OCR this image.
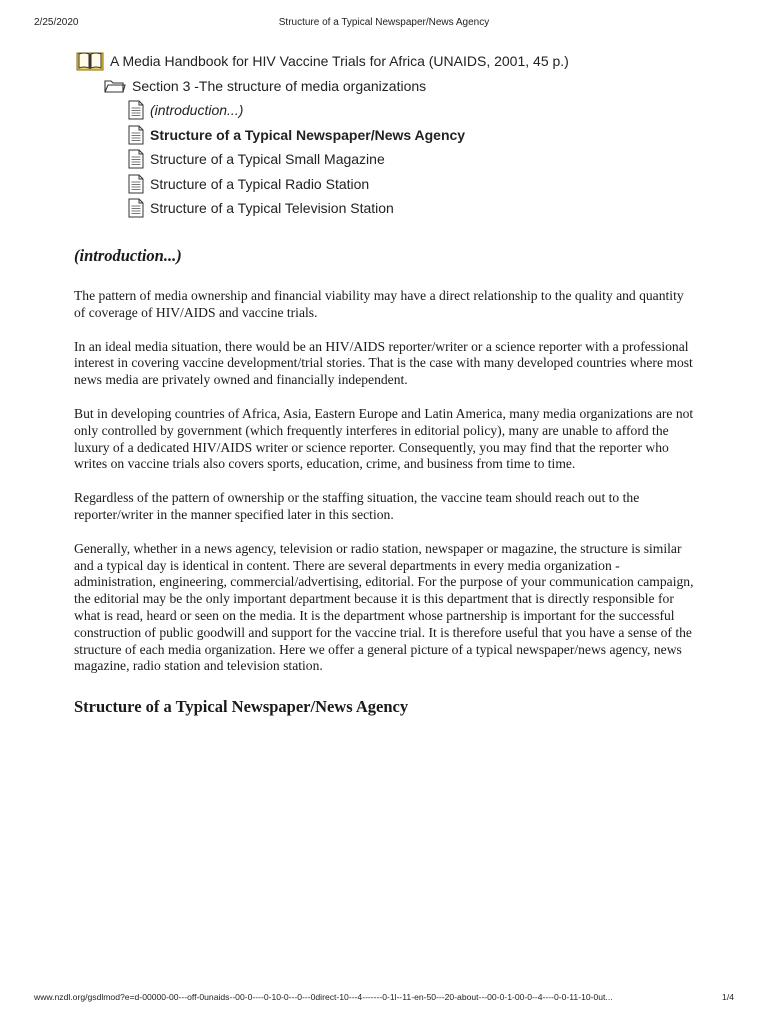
2/25/2020	Structure of a Typical Newspaper/News Agency
A Media Handbook for HIV Vaccine Trials for Africa (UNAIDS, 2001, 45 p.)
Section 3 -The structure of media organizations
(introduction...)
Structure of a Typical Newspaper/News Agency
Structure of a Typical Small Magazine
Structure of a Typical Radio Station
Structure of a Typical Television Station
(introduction...)

The pattern of media ownership and financial viability may have a direct relationship to the quality and quantity of coverage of HIV/AIDS and vaccine trials.

In an ideal media situation, there would be an HIV/AIDS reporter/writer or a science reporter with a professional interest in covering vaccine development/trial stories. That is the case with many developed countries where most news media are privately owned and financially independent.

But in developing countries of Africa, Asia, Eastern Europe and Latin America, many media organizations are not only controlled by government (which frequently interferes in editorial policy), many are unable to afford the luxury of a dedicated HIV/AIDS writer or science reporter. Consequently, you may find that the reporter who writes on vaccine trials also covers sports, education, crime, and business from time to time.

Regardless of the pattern of ownership or the staffing situation, the vaccine team should reach out to the reporter/writer in the manner specified later in this section.

Generally, whether in a news agency, television or radio station, newspaper or magazine, the structure is similar and a typical day is identical in content. There are several departments in every media organization - administration, engineering, commercial/advertising, editorial. For the purpose of your communication campaign, the editorial may be the only important department because it is this department that is directly responsible for what is read, heard or seen on the media. It is the department whose partnership is important for the successful construction of public goodwill and support for the vaccine trial. It is therefore useful that you have a sense of the structure of each media organization. Here we offer a general picture of a typical newspaper/news agency, news magazine, radio station and television station.

Structure of a Typical Newspaper/News Agency
www.nzdl.org/gsdlmod?e=d-00000-00---off-0unaids--00-0----0-10-0---0---0direct-10---4-------0-1l--11-en-50---20-about---00-0-1-00-0--4----0-0-11-10-0ut...	1/4
